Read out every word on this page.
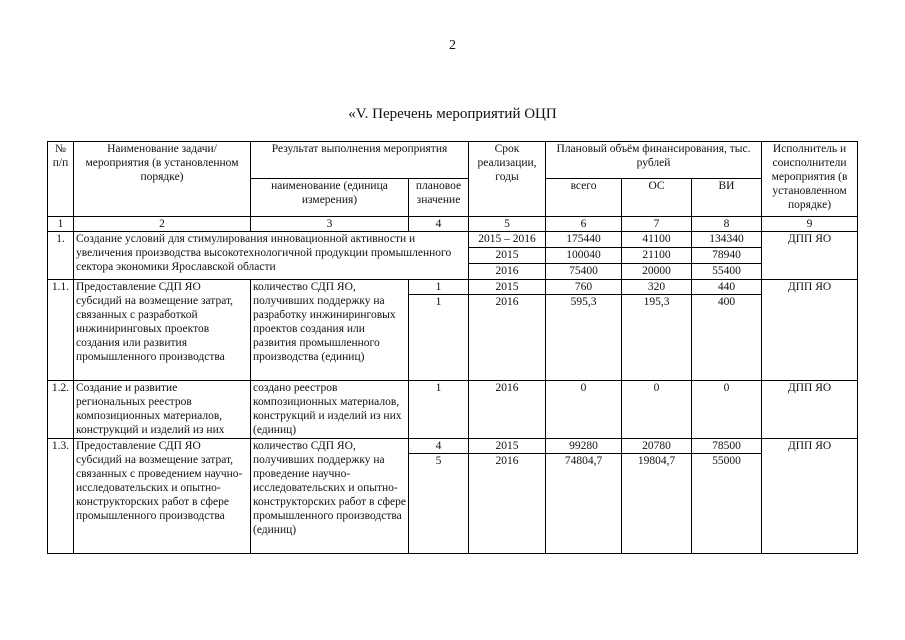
2
«V. Перечень мероприятий ОЦП
№ п/п	Наименование задачи/мероприятия (в установленном порядке)	Результат выполнения мероприятия		Срок реализации, годы	Плановый объём финансирования, тыс. рублей			Исполнитель и соисполнители мероприятия (в установленном порядке)
		наименование (единица измерения)	плановое значение		всего	ОС	ВИ	
1	2	3	4	5	6	7	8	9
1.	Создание условий для стимулирования инновационной активности и увеличения производства высокотехнологичной продукции промышленного сектора экономики Ярославской области			2015 – 2016	175440	41100	134340	ДПП ЯО
				2015	100040	21100	78940	
				2016	75400	20000	55400	
1.1.	Предоставление СДП ЯО субсидий на возмещение затрат, связанных с разработкой инжиниринговых проектов создания или развития промышленного производства	количество СДП ЯО, получивших поддержку на разработку инжиниринговых проектов создания или развития промышленного производства (единиц)	1	2015	760	320	440	ДПП ЯО
			1	2016	595,3	195,3	400	
1.2.	Создание и развитие региональных реестров композиционных материалов, конструкций и изделий из них	создано реестров композиционных материалов, конструкций и изделий из них (единиц)	1	2016	0	0	0	ДПП ЯО
1.3.	Предоставление СДП ЯО субсидий на возмещение затрат, связанных с проведением научно-исследовательских и опытно-конструкторских работ в сфере промышленного производства	количество СДП ЯО, получивших поддержку на проведение научно-исследовательских и опытно-конструкторских работ в сфере промышленного производства (единиц)	4	2015	99280	20780	78500	ДПП ЯО
			5	2016	74804,7	19804,7	55000	
